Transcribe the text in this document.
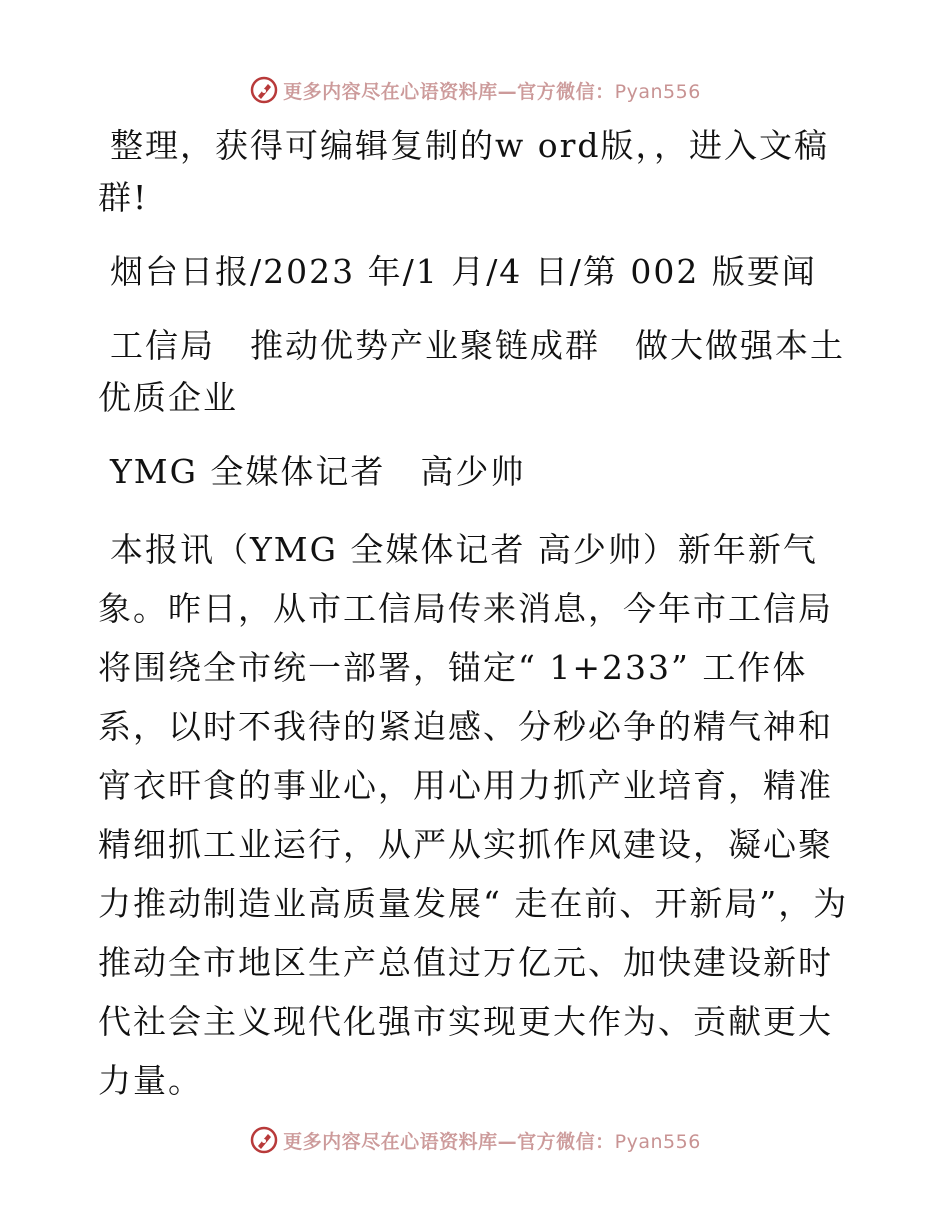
更多内容尽在心语资料库—官方微信：Pyan556

整理，获得可编辑复制的w ord版，，进入文稿群!

烟台日报/2023 年/1 月/4 日/第 002 版要闻

工信局　推动优势产业聚链成群　做大做强本土优质企业

YMG 全媒体记者　高少帅

本报讯（YMG 全媒体记者 高少帅）新年新气象。昨日，从市工信局传来消息，今年市工信局将围绕全市统一部署，锚定“ 1+233” 工作体系，以时不我待的紧迫感、分秒必争的精气神和宵衣旰食的事业心，用心用力抓产业培育，精准精细抓工业运行，从严从实抓作风建设，凝心聚力推动制造业高质量发展“ 走在前、开新局”，为推动全市地区生产总值过万亿元、加快建设新时代社会主义现代化强市实现更大作为、贡献更大力量。

更多内容尽在心语资料库—官方微信：Pyan556
